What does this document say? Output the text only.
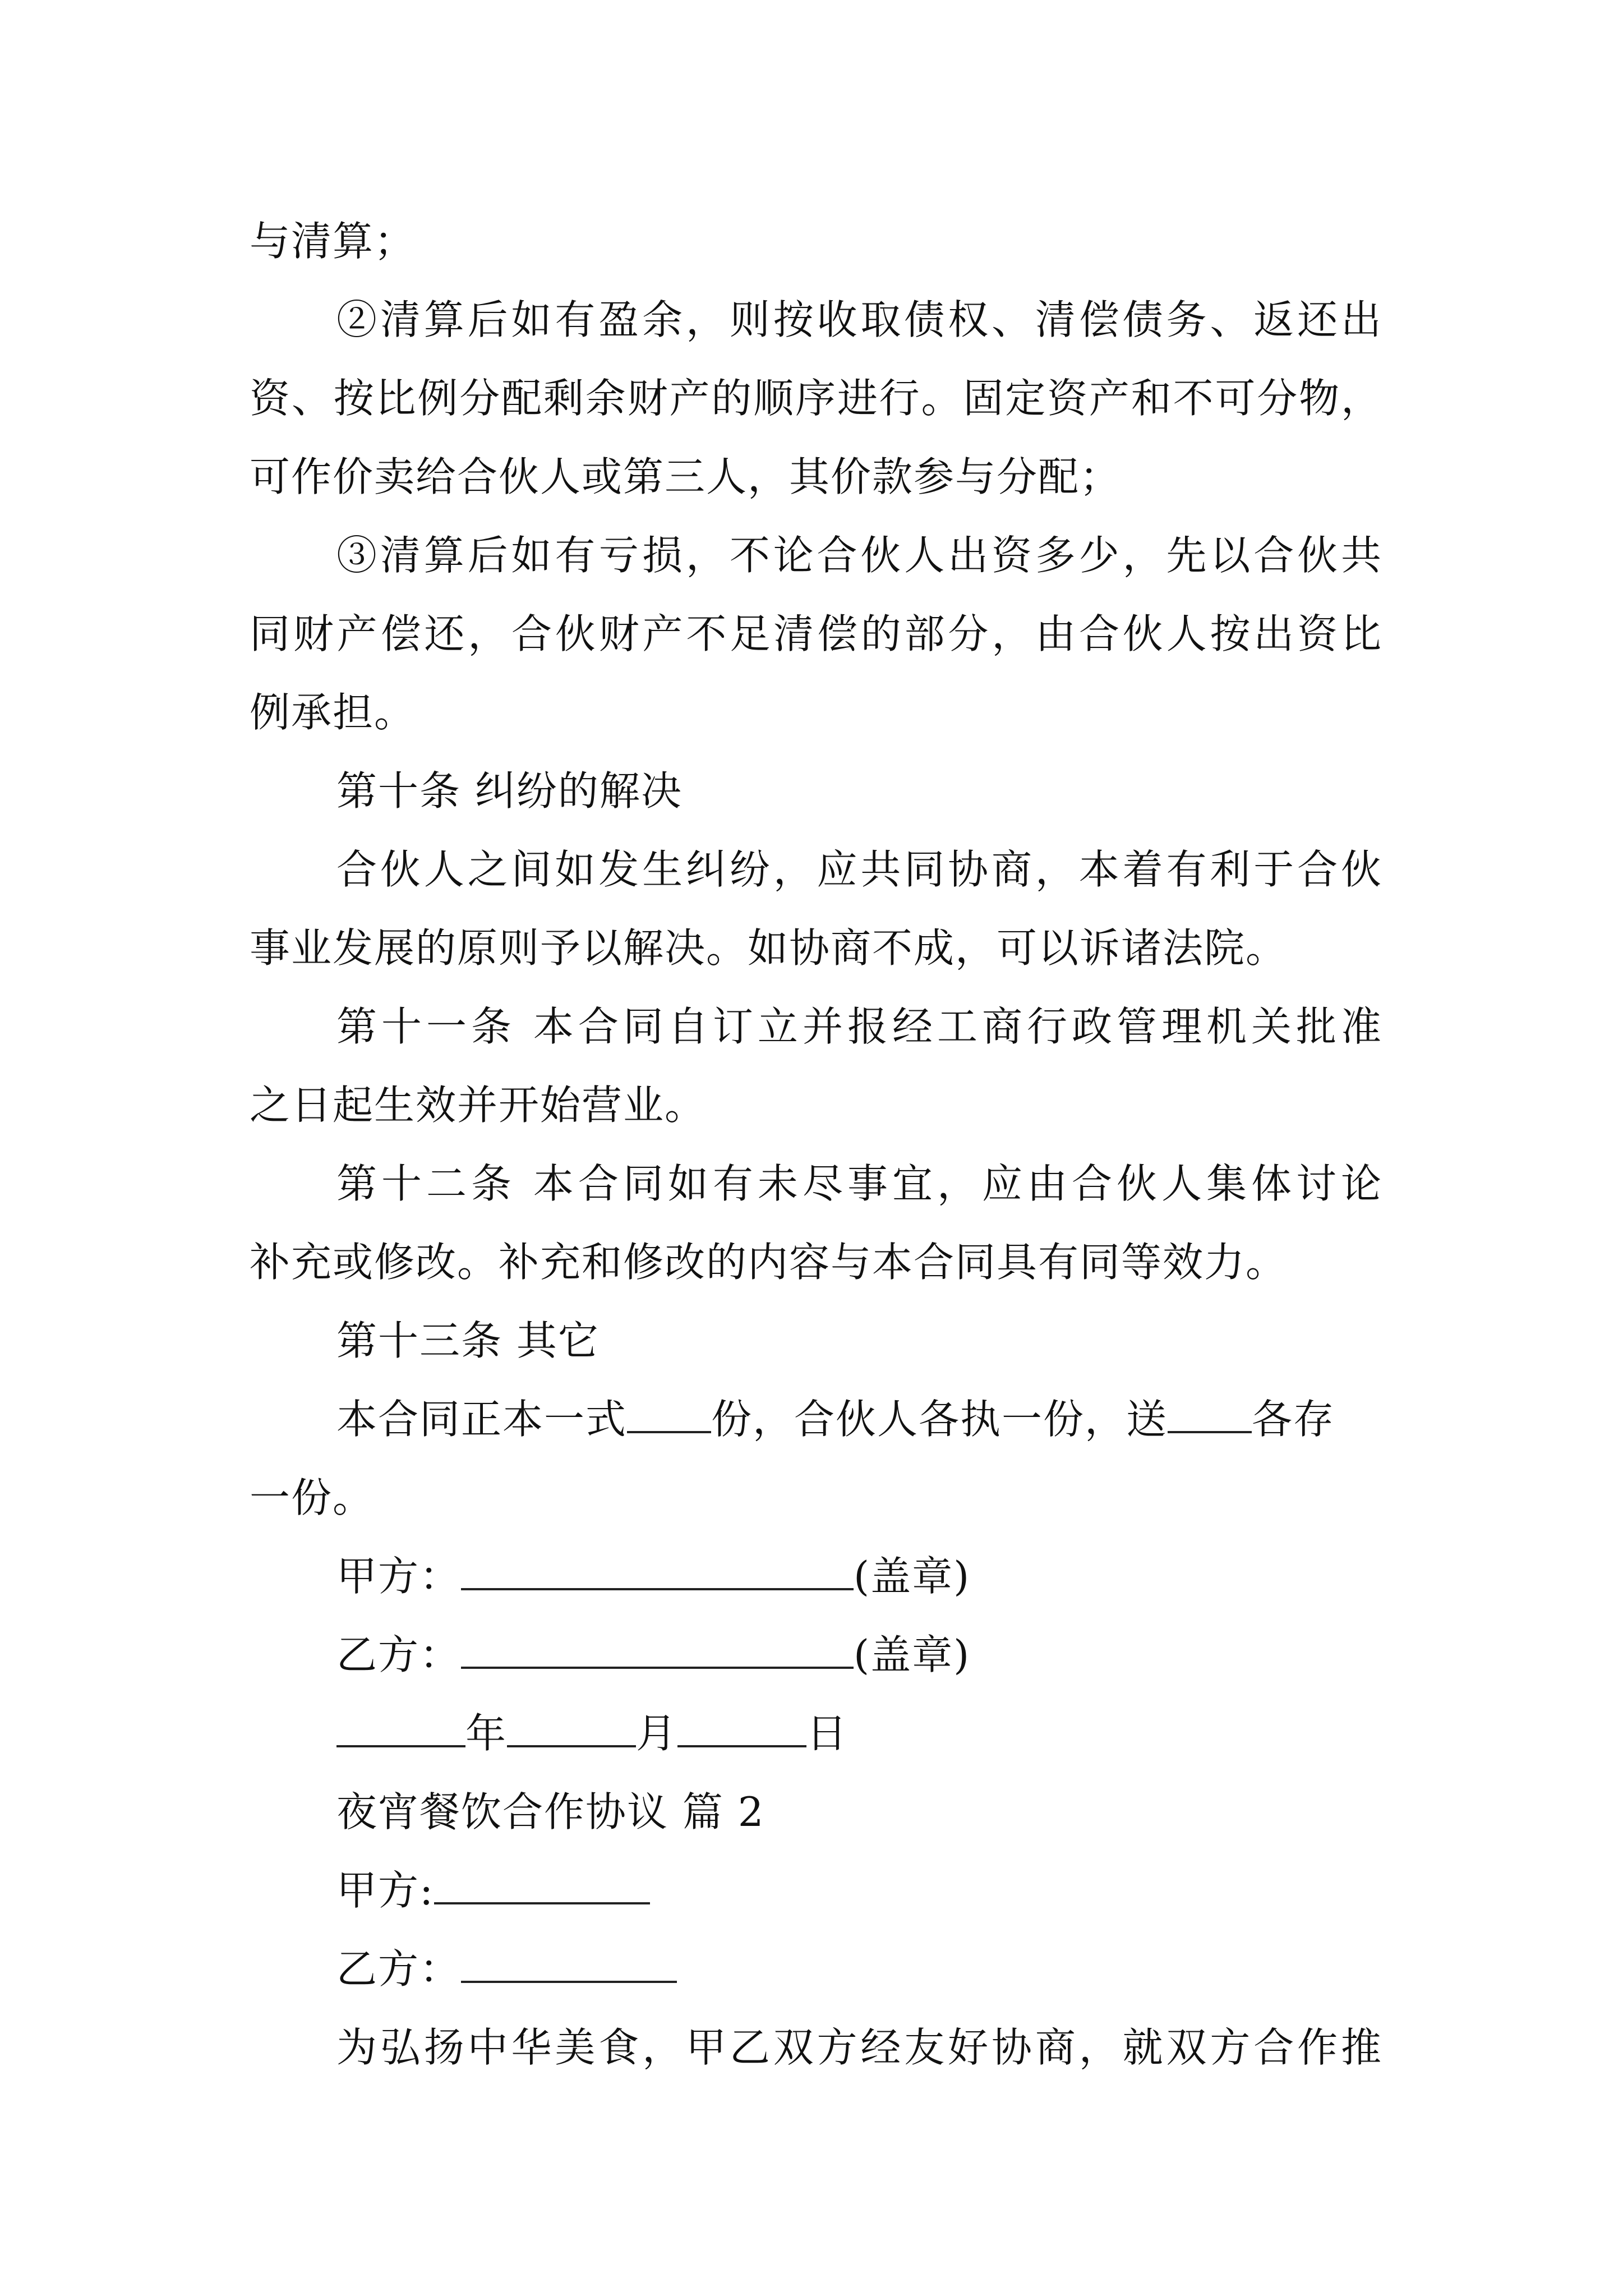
与清算；
②清算后如有盈余，则按收取债权、清偿债务、返还出
资、按比例分配剩余财产的顺序进行。固定资产和不可分物，
可作价卖给合伙人或第三人，其价款参与分配；
③清算后如有亏损，不论合伙人出资多少，先以合伙共
同财产偿还，合伙财产不足清偿的部分，由合伙人按出资比
例承担。
第十条 纠纷的解决
合伙人之间如发生纠纷，应共同协商，本着有利于合伙
事业发展的原则予以解决。如协商不成，可以诉诸法院。
第十一条 本合同自订立并报经工商行政管理机关批准
之日起生效并开始营业。
第十二条 本合同如有未尽事宜，应由合伙人集体讨论
补充或修改。补充和修改的内容与本合同具有同等效力。
第十三条 其它
本合同正本一式 份，合伙人各执一份，送 各存
一份。
甲方：	(盖章)
乙方：	(盖章)
年	月	日
夜宵餐饮合作协议 篇 2
甲方:
乙方：
为弘扬中华美食，甲乙双方经友好协商，就双方合作推
